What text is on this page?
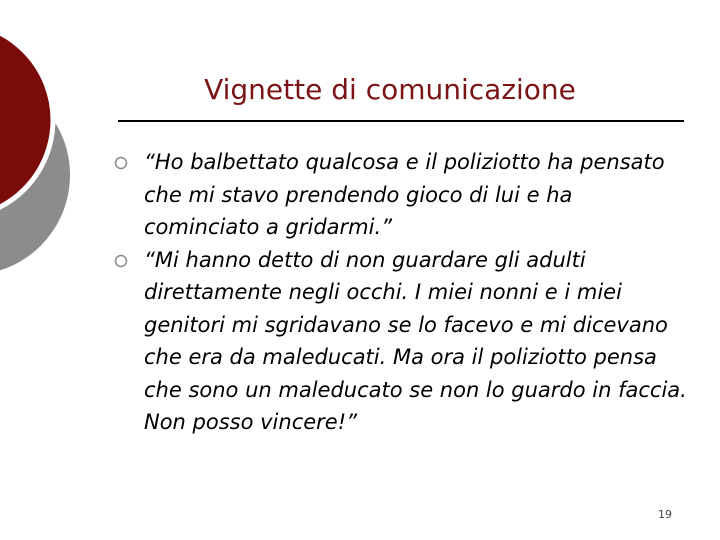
Vignette di comunicazione
“Ho balbettato qualcosa e il poliziotto ha pensato che mi stavo prendendo gioco di lui e ha cominciato a gridarmi.”
“Mi hanno detto di non guardare gli adulti direttamente negli occhi. I miei nonni e i miei genitori mi sgridavano se lo facevo e mi dicevano che era da maleducati. Ma ora il poliziotto pensa che sono un maleducato se non lo guardo in faccia. Non posso vincere!”
19
